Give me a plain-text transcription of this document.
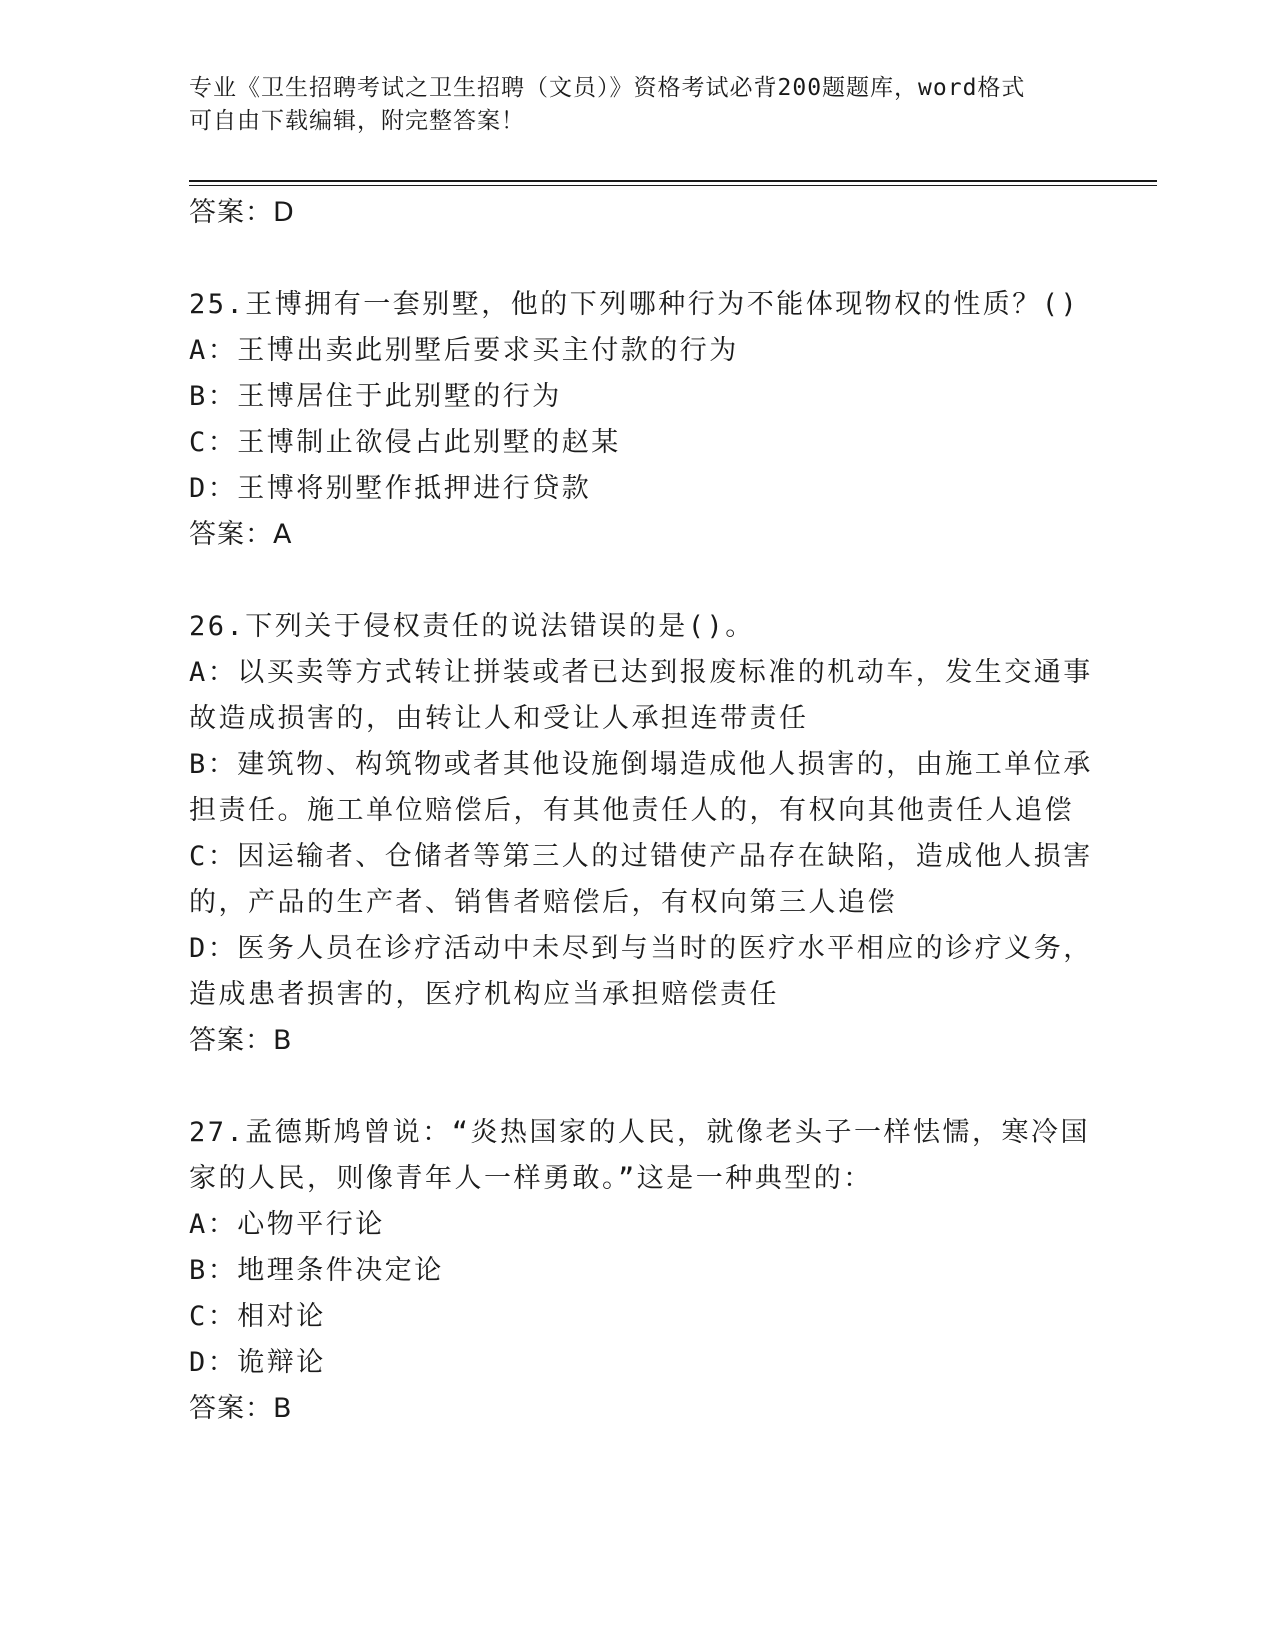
专业《卫生招聘考试之卫生招聘（文员）》资格考试必背200题题库，word格式
可自由下载编辑，附完整答案！
答案：D
25.王博拥有一套别墅，他的下列哪种行为不能体现物权的性质？()
A：王博出卖此别墅后要求买主付款的行为
B：王博居住于此别墅的行为
C：王博制止欲侵占此别墅的赵某
D：王博将别墅作抵押进行贷款
答案：A
26.下列关于侵权责任的说法错误的是()。
A：以买卖等方式转让拼装或者已达到报废标准的机动车，发生交通事
故造成损害的，由转让人和受让人承担连带责任
B：建筑物、构筑物或者其他设施倒塌造成他人损害的，由施工单位承
担责任。施工单位赔偿后，有其他责任人的，有权向其他责任人追偿
C：因运输者、仓储者等第三人的过错使产品存在缺陷，造成他人损害
的，产品的生产者、销售者赔偿后，有权向第三人追偿
D：医务人员在诊疗活动中未尽到与当时的医疗水平相应的诊疗义务，
造成患者损害的，医疗机构应当承担赔偿责任
答案：B
27.孟德斯鸠曾说：“炎热国家的人民，就像老头子一样怯懦，寒冷国
家的人民，则像青年人一样勇敢。”这是一种典型的：
A：心物平行论
B：地理条件决定论
C：相对论
D：诡辩论
答案：B
